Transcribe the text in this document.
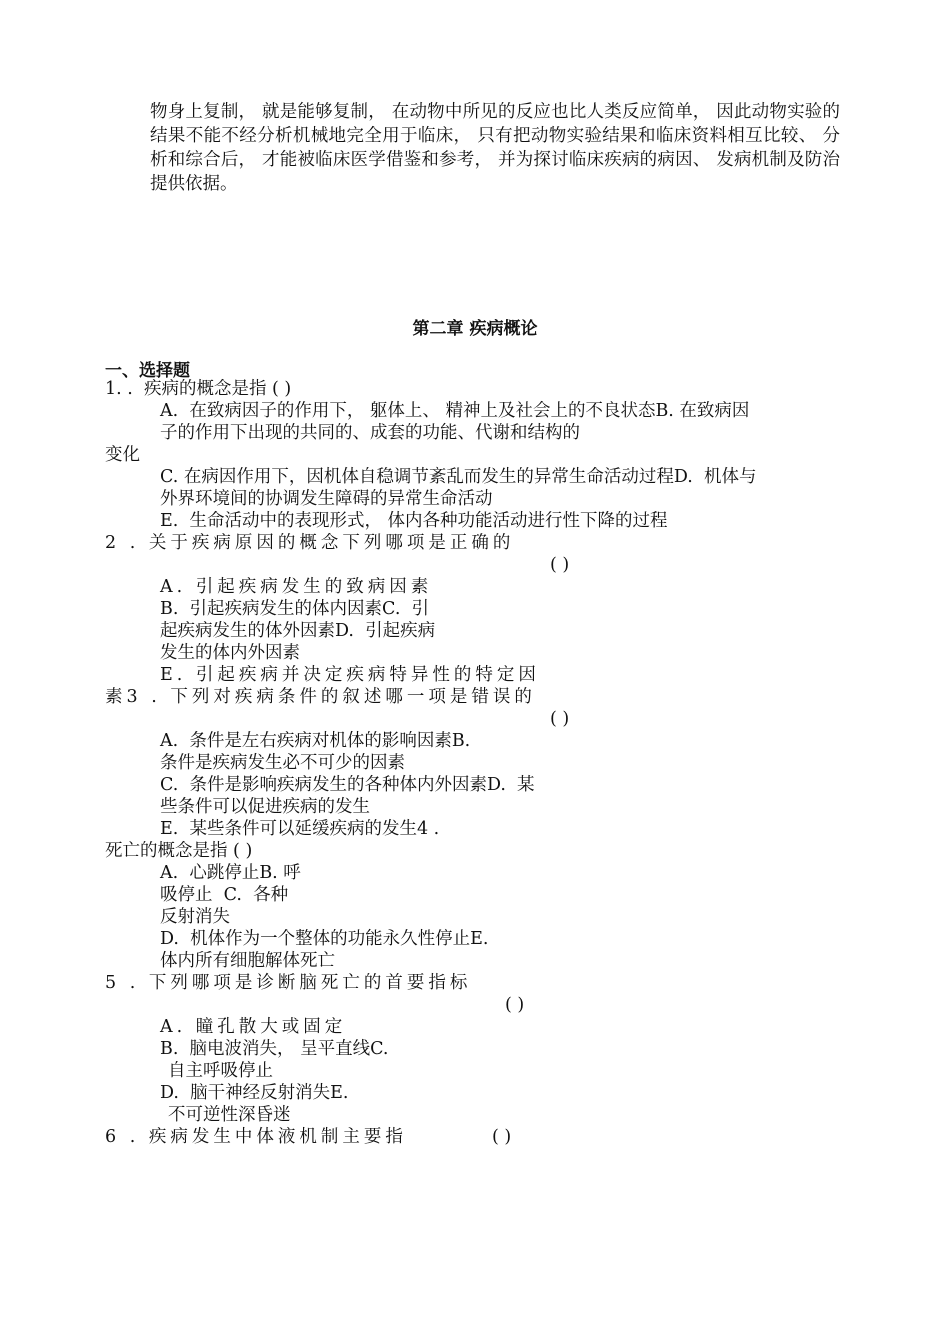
物身上复制， 就是能够复制， 在动物中所见的反应也比人类反应简单， 因此动物实验的结果不能不经分析机械地完全用于临床， 只有把动物实验结果和临床资料相互比较、 分析和综合后， 才能被临床医学借鉴和参考， 并为探讨临床疾病的病因、 发病机制及防治提供依据。
第二章 疾病概论
一、选择题
1. .  疾病的概念是指 ( )
A.  在致病因子的作用下， 躯体上、 精神上及社会上的不良状态B. 在致病因
子的作用下出现的共同的、成套的功能、代谢和结构的
变化
C. 在病因作用下，因机体自稳调节紊乱而发生的异常生命活动过程D.  机体与
外界环境间的协调发生障碍的异常生命活动
E.  生命活动中的表现形式， 体内各种功能活动进行性下降的过程
2 . 关于疾病原因的概念下列哪项是正确的
( )
A. 引起疾病发生的致病因素
B.  引起疾病发生的体内因素C.  引
起疾病发生的体外因素D.  引起疾病
发生的体内外因素
E. 引起疾病并决定疾病特异性的特定因
素3 . 下列对疾病条件的叙述哪一项是错误的
( )
A.  条件是左右疾病对机体的影响因素B.
条件是疾病发生必不可少的因素
C.  条件是影响疾病发生的各种体内外因素D.  某
些条件可以促进疾病的发生
E.  某些条件可以延缓疾病的发生4 .
死亡的概念是指 ( )
A.  心跳停止B. 呼
吸停止  C.  各种
反射消失
D.  机体作为一个整体的功能永久性停止E.
体内所有细胞解体死亡
5 . 下列哪项是诊断脑死亡的首要指标
( )
A. 瞳孔散大或固定
B.  脑电波消失， 呈平直线C.
自主呼吸停止
D.  脑干神经反射消失E.
不可逆性深昏迷
6 . 疾病发生中体液机制主要指	( )
